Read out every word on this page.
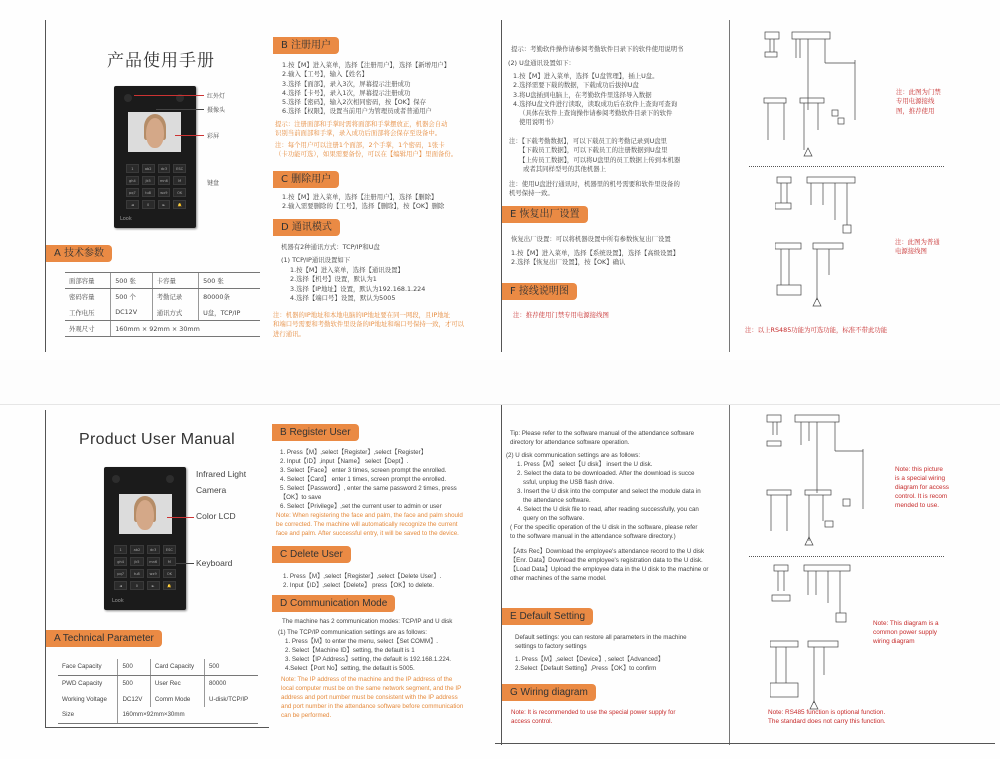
产品使用手册
1	ab2	dc3	ESC
gh4	jk5	mn6	M
pq7	tu8	wx9	OK
◄	0	►	🔔
Look
红外灯
摄像头
彩屏
键盘
A 技术参数
面部容量	500 张	卡容量	500 张
密码容量	500 个	考勤记录	80000条
工作电压	DC12V	通讯方式	U盘，TCP/IP
外观尺寸	160mm × 92mm × 30mm		
B 注册用户
1.按【M】进入菜单，选择【注册用户】，选择【新增用户】
2.输入【工号】，输入【姓名】
3.选择【面部】，录入3次，屏幕提示注册成功
4.选择【卡号】，录入1次，屏幕提示注册成功
5.选择【密码】，输入2次相同密码，按【OK】保存
6.选择【权限】，设置当前用户为管理员或者普通用户
提示：注册面部和手掌时需将面部和手掌摆放正，机器会自动
识别当前面部和手掌，录入成功后面部将会保存至设备中。
注：每个用户可以注册1个面部，2个手掌，1个密码，1张卡
（卡功能可选），如果需要备份，可以在【编辑用户】里面备份。
C 删除用户
1.按【M】进入菜单，选择【注册用户】，选择【删除】
2.输入需要删除的【工号】，选择【删除】，按【OK】删除
D 通讯模式
机器有2种通讯方式：TCP/IP和U盘
(1) TCP/IP通讯设置如下
1.按【M】进入菜单，选择【通讯设置】
2.选择【机号】设置，默认为1
3.选择【IP地址】设置，默认为192.168.1.224
4.选择【端口号】设置，默认为5005
注：机器的IP地址和本地电脑的IP地址要在同一网段，且IP地址
和端口号需要和考勤软件里设备的IP地址和端口号保持一致，才可以
进行通讯。
提示：考勤软件操作请参阅考勤软件目录下的软件使用说明书
(2) U盘通讯设置如下：
1.按【M】进入菜单，选择【U盘管理】，插上U盘。
2.选择需要下载的数据，下载成功后拔掉U盘
3.将U盘插到电脑上，在考勤软件里选择导入数据
4.选择U盘文件进行读取，读取成功后在软件上查询可查询
（具体在软件上查询操作请参阅考勤软件目录下的软件
使用说明书）
注：【下载考勤数据】，可以下载员工的考勤记录到U盘里
【下载员工数据】，可以下载员工的注册数据到U盘里
【上传员工数据】，可以将U盘里的员工数据上传到本机器
或者其同样型号的其他机器上
注：使用U盘进行通讯时，机器里的机号需要和软件里设备的
机号保持一致。
E 恢复出厂设置
恢复出厂设置：可以将机器设置中所有参数恢复出厂设置
1.按【M】进入菜单，选择【系统设置】，选择【高级设置】
2.选择【恢复出厂设置】，按【OK】确认
F 接线说明图
注：推荐使用门禁专用电源接线图
注：此图为门禁
专用电源接线
图，推荐使用
注：此图为普通
电源接线图
注：以上RS485功能为可选功能，标准不带此功能
Product User Manual
1	ab2	dc3	ESC
gh4	jk5	mn6	M
pq7	tu8	wx9	OK
◄	0	►	🔔
Look
Infrared Light
Camera
Color LCD
Keyboard
A Technical Parameter
Face Capacity	500	Card Capacity	500
PWD Capacity	500	User Rec	80000
Working Voltage	DC12V	Comm Mode	U-disk/TCP/IP
Size	160mm×92mm×30mm		
B Register User
1. Press【M】,select【Register】,select【Register】
2. Input【ID】,input【Name】 select【Dept】.
3. Select【Face】 enter 3 times, screen prompt the enrolled.
4. Select【Card】 enter 1 times, screen prompt the enrolled.
5. Select【Password】, enter the same password 2 times, press
【OK】to save
6. Select【Privilege】,set the current user to admin or user
Note: When registering the face and palm, the face and palm should
be corrected. The machine will automatically recognize the current
face and palm. After successful entry, it will be saved to the device.
C Delete User
1. Press【M】,select【Register】,select【Delete User】.
2. Input【ID】,select【Delete】 press【OK】to delete.
D Communication Mode
The machine has 2 communication modes: TCP/IP and U disk
(1) The TCP/IP communication settings are as follows:
1. Press【M】to enter the menu, select【Set COMM】.
2. Select【Machine ID】setting, the default is 1
3. Select【IP Address】setting, the default is 192.168.1.224.
4.Select【Port No】setting, the default is 5005.
Note: The IP address of the machine and the IP address of the
local computer must be on the same network segment, and the IP
address and port number must be consistent with the IP address
and port number in the attendance software before communication
can be performed.
Tip: Please refer to the software manual of the attendance software
directory for attendance software operation.
(2) U disk communication settings are as follows:
1. Press【M】 select【U disk】 insert the U disk.
2. Select the data to be downloaded. After the download is succe
ssful, unplug the USB flash drive.
3. Insert the U disk into the computer and select the module data in
the attendance software.
4. Select the U disk file to read, after reading successfully, you can
query on the software.
( For the specific operation of the U disk in the software, please refer
to the software manual in the attendance software directory.)
【Atts Rec】Download the employee's attendance record to the U disk
【Enr. Data】Download the employee's registration data to the U disk.
【Load Data】Upload the employee data in the U disk to the machine or
other machines of the same model.
E Default Setting
Default settings: you can restore all parameters in the machine
settings to factory settings
1. Press【M】,select【Device】, select【Advanced】
2.Select【Default Setting】,Press【OK】to confirm
G Wiring diagram
Note: It is recommended to use the special power supply for
access control.
Note: this picture
is a special wiring
diagram for access
control. It is recom
mended to use.
Note: This diagram is a
common power supply
wiring diagram
Note: RS485 function is optional function.
The standard does not carry this function.
